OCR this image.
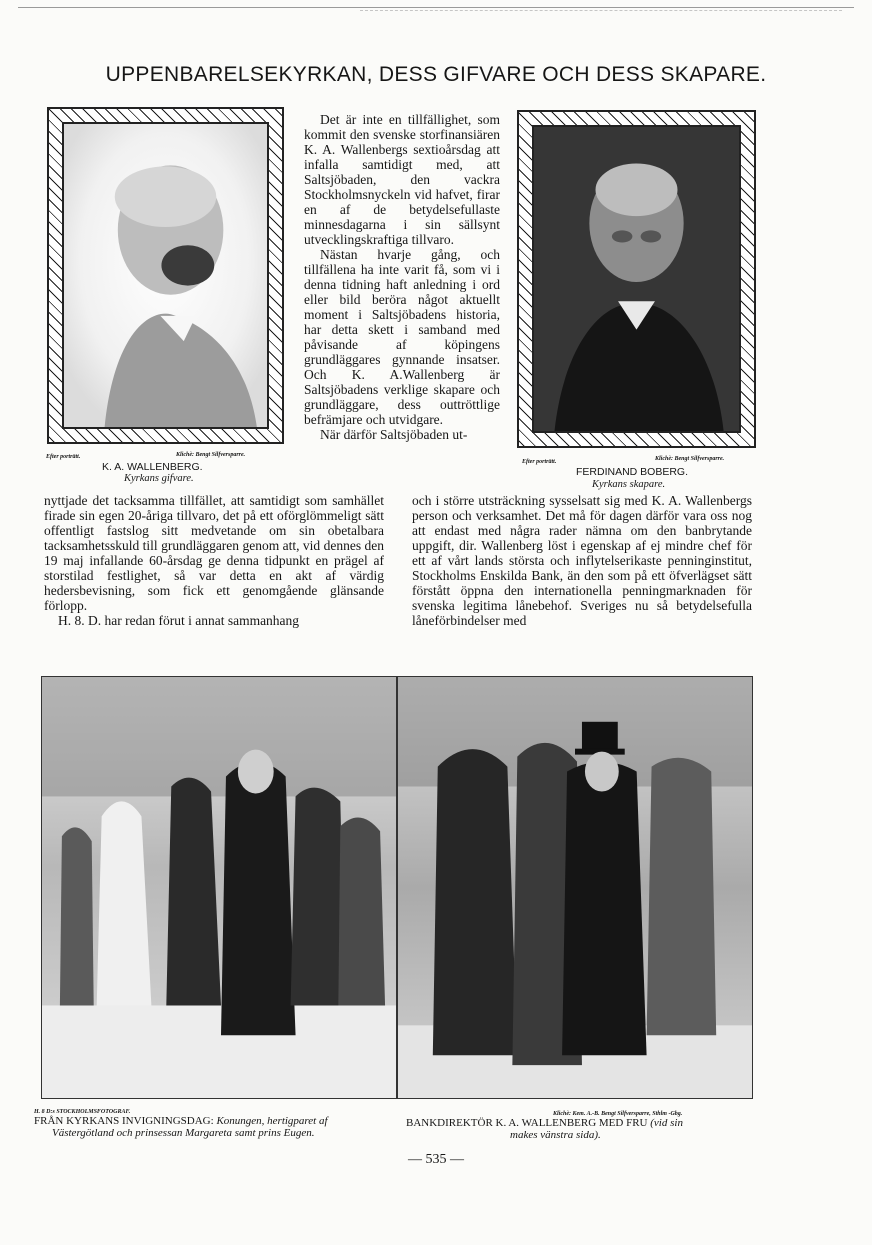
UPPENBARELSEKYRKAN, DESS GIFVARE OCH DESS SKAPARE.
Efter porträtt.	Klichè: Bengt Silfversparre.
K. A. WALLENBERG.
Kyrkans gifvare.
Efter porträtt.	Klichè: Bengt Silfversparre.
FERDINAND BOBERG.
Kyrkans skapare.

Det är inte en tillfällighet, som kommit den svenske storfinansiären K. A. Wallenbergs sextioårsdag att infalla samtidigt med, att Saltsjöbaden, den vackra Stockholmsnyckeln vid hafvet, firar en af de betydelsefullaste minnesdagarna i sin sällsynt utvecklingskraftiga tillvaro.

Nästan hvarje gång, och tillfällena ha inte varit få, som vi i denna tidning haft anledning i ord eller bild beröra något aktuellt moment i Saltsjöbadens historia, har detta skett i samband med påvisande af köpingens grundläggares gynnande insatser. Och K. A.Wallenberg är Saltsjöbadens verklige skapare och grundläggare, dess outtröttlige befrämjare och utvidgare.

När därför Saltsjöbaden ut-

nyttjade det tacksamma tillfället, att samtidigt som samhället firade sin egen 20-åriga tillvaro, det på ett oförglömmeligt sätt offentligt fastslog sitt medvetande om sin obetalbara tacksamhetsskuld till grundläggaren genom att, vid dennes den 19 maj infallande 60-årsdag ge denna tidpunkt en prägel af storstilad festlighet, så var detta en akt af värdig hedersbevisning, som fick ett genomgående glänsande förlopp.

H. 8. D. har redan förut i annat sammanhang

och i större utsträckning sysselsatt sig med K. A. Wallenbergs person och verksamhet. Det må för dagen därför vara oss nog att endast med några rader nämna om den banbrytande uppgift, dir. Wallenberg löst i egenskap af ej mindre chef för ett af vårt lands största och inflytelserikaste penninginstitut, Stockholms Enskilda Bank, än den som på ett öfverlägset sätt förstått öppna den internationella penningmarknaden för svenska legitima lånebehof. Sveriges nu så betydelsefulla låneförbindelser med

H. 8 D:s STOCKHOLMSFOTOGRAF.
FRÅN KYRKANS INVIGNINGSDAG: Konungen, hertigparet af
Västergötland och prinsessan Margareta samt prins Eugen.
Klichè: Kem. A.-B. Bengt Silfversparre, Sthlm -Gbg.
BANKDIREKTÖR K. A. WALLENBERG MED FRU (vid sin
makes vänstra sida).
— 535 —
